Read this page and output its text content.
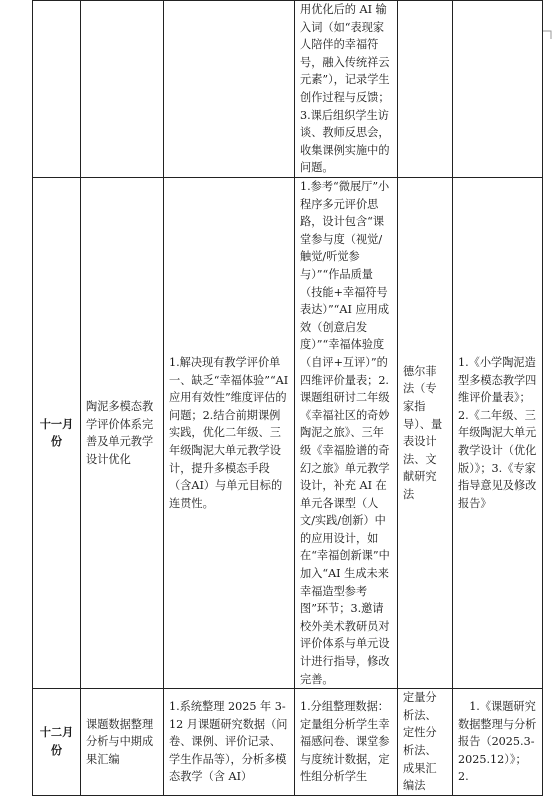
			用优化后的 AI 输入词（如“表现家人陪伴的幸福符号，融入传统祥云元素”），记录学生创作过程与反馈；3.课后组织学生访谈、教师反思会，收集课例实施中的问题。		
十一月份	陶泥多模态教学评价体系完善及单元教学设计优化	1.解决现有教学评价单一、缺乏“幸福体验”“AI应用有效性”维度评估的问题；2.结合前期课例实践，优化二年级、三年级陶泥大单元教学设计，提升多模态手段（含AI）与单元目标的连贯性。	1.参考“微展厅”小程序多元评价思路，设计包含“课堂参与度（视觉/触觉/听觉参与）”“作品质量（技能+幸福符号表达）”“AI 应用成效（创意启发度）”“幸福体验度（自评+互评）”的四维评价量表；2.课题组研讨二年级《幸福社区的奇妙陶泥之旅》、三年级《幸福脸谱的奇幻之旅》单元教学设计，补充 AI 在单元各课型（人文/实践/创新）中的应用设计，如在“幸福创新课”中加入“AI 生成未来幸福造型参考图”环节；3.邀请校外美术教研员对评价体系与单元设计进行指导，修改完善。	德尔菲法（专家指导）、量表设计法、文献研究法	1.《小学陶泥造型多模态教学四维评价量表》；2.《二年级、三年级陶泥大单元教学设计（优化版）》；3.《专家指导意见及修改报告》
十二月份	课题数据整理分析与中期成果汇编	1.系统整理 2025 年 3-12 月课题研究数据（问卷、课例、评价记录、学生作品等），分析多模态教学（含 AI）	1.分组整理数据：定量组分析学生幸福感问卷、课堂参与度统计数据，定性组分析学生	定量分析法、定性分析法、成果汇编法	1.《课题研究数据整理与分析报告（2025.3-2025.12）》；2.
